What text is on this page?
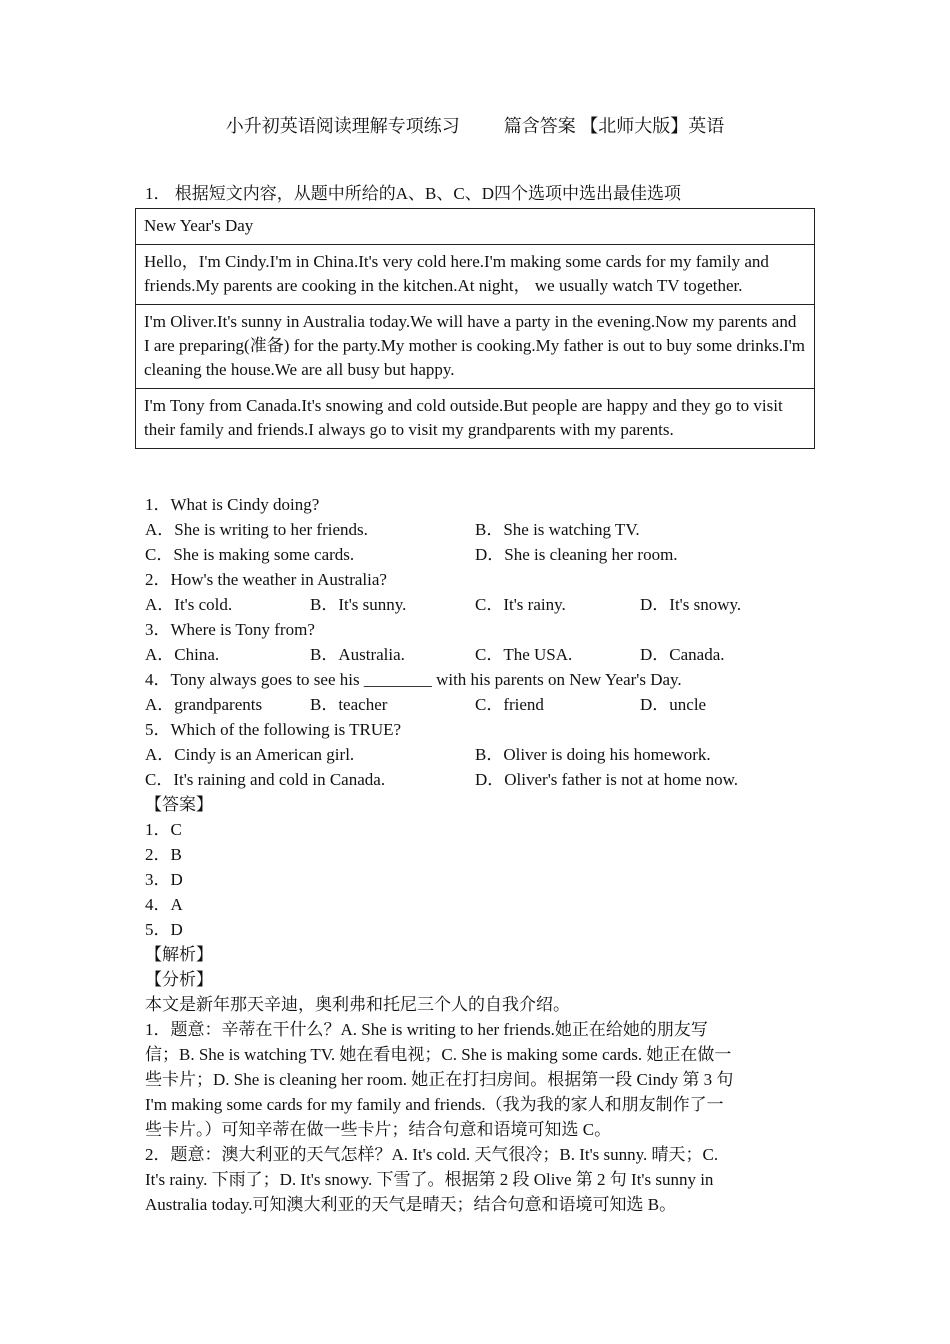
小升初英语阅读理解专项练习 篇含答案 【北师大版】英语
1． 根据短文内容，从题中所给的A、B、C、D四个选项中选出最佳选项
New Year's Day
Hello，I'm Cindy.I'm in China.It's very cold here.I'm making some cards for my family and friends.My parents are cooking in the kitchen.At night， we usually watch TV together.
I'm Oliver.It's sunny in Australia today.We will have a party in the evening.Now my parents and I are preparing(准备) for the party.My mother is cooking.My father is out to buy some drinks.I'm cleaning the house.We are all busy but happy.
I'm Tony from Canada.It's snowing and cold outside.But people are happy and they go to visit their family and friends.I always go to visit my grandparents with my parents.
1．What is Cindy doing?
A．She is writing to her friends.	B．She is watching TV.
C．She is making some cards.	D．She is cleaning her room.
2．How's the weather in Australia?
A．It's cold.	B．It's sunny.	C．It's rainy.	D．It's snowy.
3．Where is Tony from?
A．China.	B．Australia.	C．The USA.	D．Canada.
4．Tony always goes to see his ________ with his parents on New Year's Day.
A．grandparents	B．teacher	C．friend	D．uncle
5．Which of the following is TRUE?
A．Cindy is an American girl.	B．Oliver is doing his homework.
C．It's raining and cold in Canada.	D．Oliver's father is not at home now.
【答案】
1．C
2．B
3．D
4．A
5．D
【解析】
【分析】
本文是新年那天辛迪，奥利弗和托尼三个人的自我介绍。
1．题意：辛蒂在干什么？A. She is writing to her friends.她正在给她的朋友写
信；B. She is watching TV. 她在看电视；C. She is making some cards. 她正在做一
些卡片；D. She is cleaning her room. 她正在打扫房间。根据第一段 Cindy 第 3 句
I'm making some cards for my family and friends.（我为我的家人和朋友制作了一
些卡片。）可知辛蒂在做一些卡片；结合句意和语境可知选 C。
2．题意：澳大利亚的天气怎样？A. It's cold. 天气很冷；B. It's sunny. 晴天；C.
It's rainy. 下雨了；D. It's snowy. 下雪了。根据第 2 段 Olive 第 2 句 It's sunny in
Australia today.可知澳大利亚的天气是晴天；结合句意和语境可知选 B。
